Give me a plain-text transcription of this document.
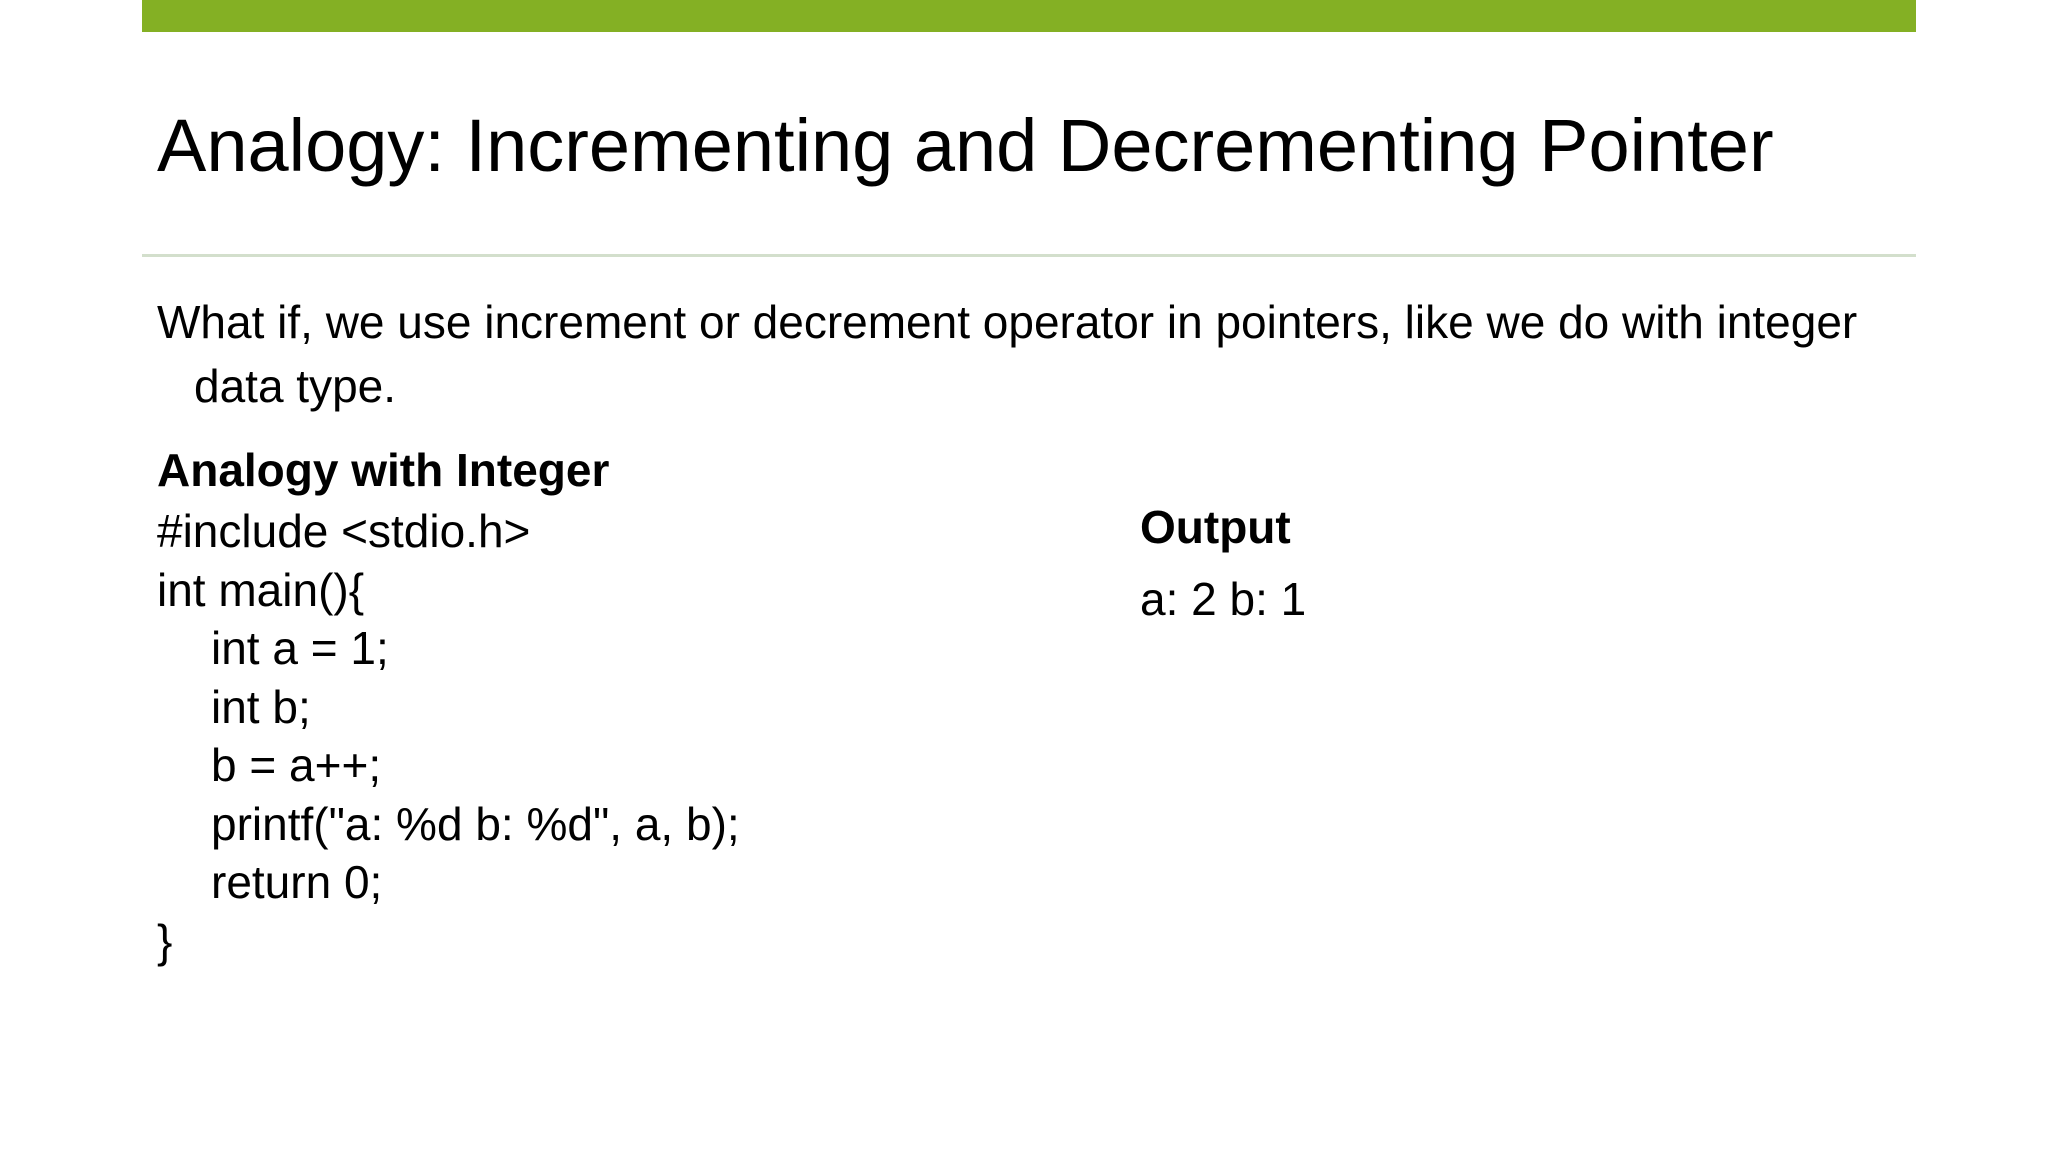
Analogy: Incrementing and Decrementing Pointer

What if, we use increment or decrement operator in pointers, like we do with integer data type.

Analogy with Integer
#include <stdio.h>
int main(){
int a = 1;
int b;
b = a++;
printf("a: %d b: %d", a, b);
return 0;
}
Output
a: 2 b: 1
